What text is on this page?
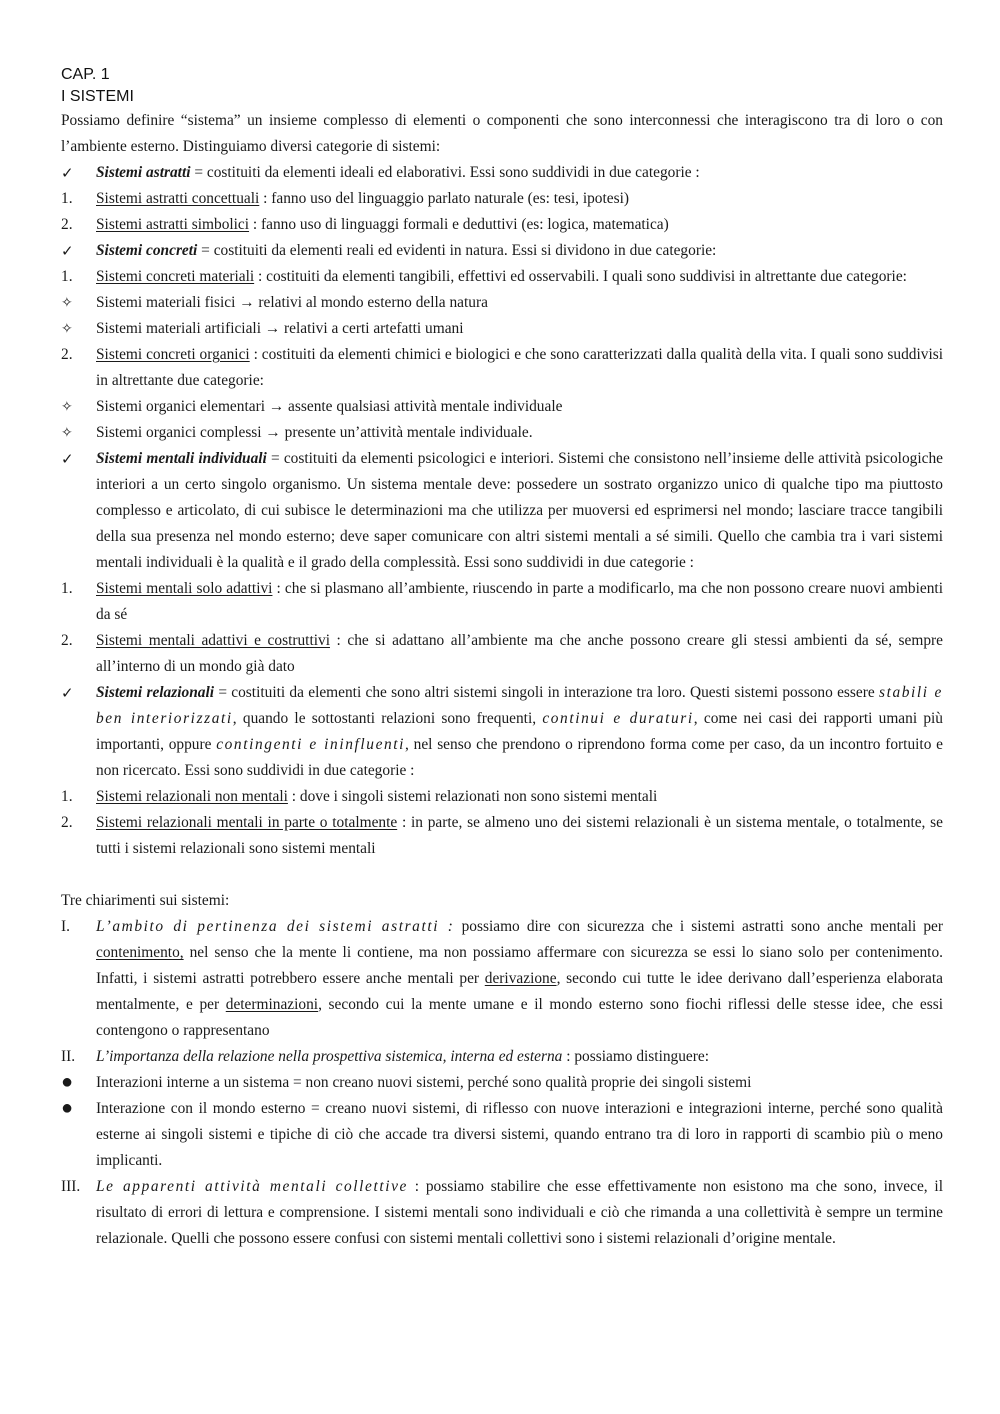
CAP. 1
I SISTEMI
Possiamo definire “sistema” un insieme complesso di elementi o componenti che sono interconnessi che interagiscono tra di loro o con l’ambiente esterno. Distinguiamo diversi categorie di sistemi:
✓	Sistemi astratti = costituiti da elementi ideali ed elaborativi. Essi sono suddividi in due categorie :
1.	Sistemi astratti concettuali : fanno uso del linguaggio parlato naturale (es: tesi, ipotesi)
2.	Sistemi astratti simbolici : fanno uso di linguaggi formali e deduttivi (es: logica, matematica)
✓	Sistemi concreti = costituiti da elementi reali ed evidenti in natura. Essi si dividono in due categorie:
1.	Sistemi concreti materiali : costituiti da elementi tangibili, effettivi ed osservabili. I quali sono suddivisi in altrettante due categorie:
✧	Sistemi materiali fisici → relativi al mondo esterno della natura
✧	Sistemi materiali artificiali → relativi a certi artefatti umani
2.	Sistemi concreti organici : costituiti da elementi chimici e biologici e che sono caratterizzati dalla qualità della vita. I quali sono suddivisi in altrettante due categorie:
✧	Sistemi organici elementari → assente qualsiasi attività mentale individuale
✧	Sistemi organici complessi → presente un’attività mentale individuale.
✓	Sistemi mentali individuali = costituiti da elementi psicologici e interiori. Sistemi che consistono nell’insieme delle attività psicologiche interiori a un certo singolo organismo. Un sistema mentale deve: possedere un sostrato organizzo unico di qualche tipo ma piuttosto complesso e articolato, di cui subisce le determinazioni ma che utilizza per muoversi ed esprimersi nel mondo; lasciare tracce tangibili della sua presenza nel mondo esterno; deve saper comunicare con altri sistemi mentali a sé simili. Quello che cambia tra i vari sistemi mentali individuali è la qualità e il grado della complessità. Essi sono suddividi in due categorie :
1.	Sistemi mentali solo adattivi : che si plasmano all’ambiente, riuscendo in parte a modificarlo, ma che non possono creare nuovi ambienti da sé
2.	Sistemi mentali adattivi e costruttivi : che si adattano all’ambiente ma che anche possono creare gli stessi ambienti da sé, sempre all’interno di un mondo già dato
✓	Sistemi relazionali = costituiti da elementi che sono altri sistemi singoli in interazione tra loro. Questi sistemi possono essere stabili e ben interiorizzati, quando le sottostanti relazioni sono frequenti, continui e duraturi, come nei casi dei rapporti umani più importanti, oppure contingenti e ininfluenti, nel senso che prendono o riprendono forma come per caso, da un incontro fortuito e non ricercato. Essi sono suddividi in due categorie :
1.	Sistemi relazionali non mentali : dove i singoli sistemi relazionati non sono sistemi mentali
2.	Sistemi relazionali mentali in parte o totalmente : in parte, se almeno uno dei sistemi relazionali è un sistema mentale, o totalmente, se tutti i sistemi relazionali sono sistemi mentali
Tre chiarimenti sui sistemi:
I.	L’ambito di pertinenza dei sistemi astratti : possiamo dire con sicurezza che i sistemi astratti sono anche mentali per contenimento, nel senso che la mente li contiene, ma non possiamo affermare con sicurezza se essi lo siano solo per contenimento. Infatti, i sistemi astratti potrebbero essere anche mentali per derivazione, secondo cui tutte le idee derivano dall’esperienza elaborata mentalmente, e per determinazioni, secondo cui la mente umane e il mondo esterno sono fiochi riflessi delle stesse idee, che essi contengono o rappresentano
II.	L’importanza della relazione nella prospettiva sistemica, interna ed esterna : possiamo distinguere:
●	Interazioni interne a un sistema = non creano nuovi sistemi, perché sono qualità proprie dei singoli sistemi
●	Interazione con il mondo esterno = creano nuovi sistemi, di riflesso con nuove interazioni e integrazioni interne, perché sono qualità esterne ai singoli sistemi e tipiche di ciò che accade tra diversi sistemi, quando entrano tra di loro in rapporti di scambio più o meno implicanti.
III.	Le apparenti attività mentali collettive : possiamo stabilire che esse effettivamente non esistono ma che sono, invece, il risultato di errori di lettura e comprensione. I sistemi mentali sono individuali e ciò che rimanda a una collettività è sempre un termine relazionale. Quelli che possono essere confusi con sistemi mentali collettivi sono i sistemi relazionali d’origine mentale.
